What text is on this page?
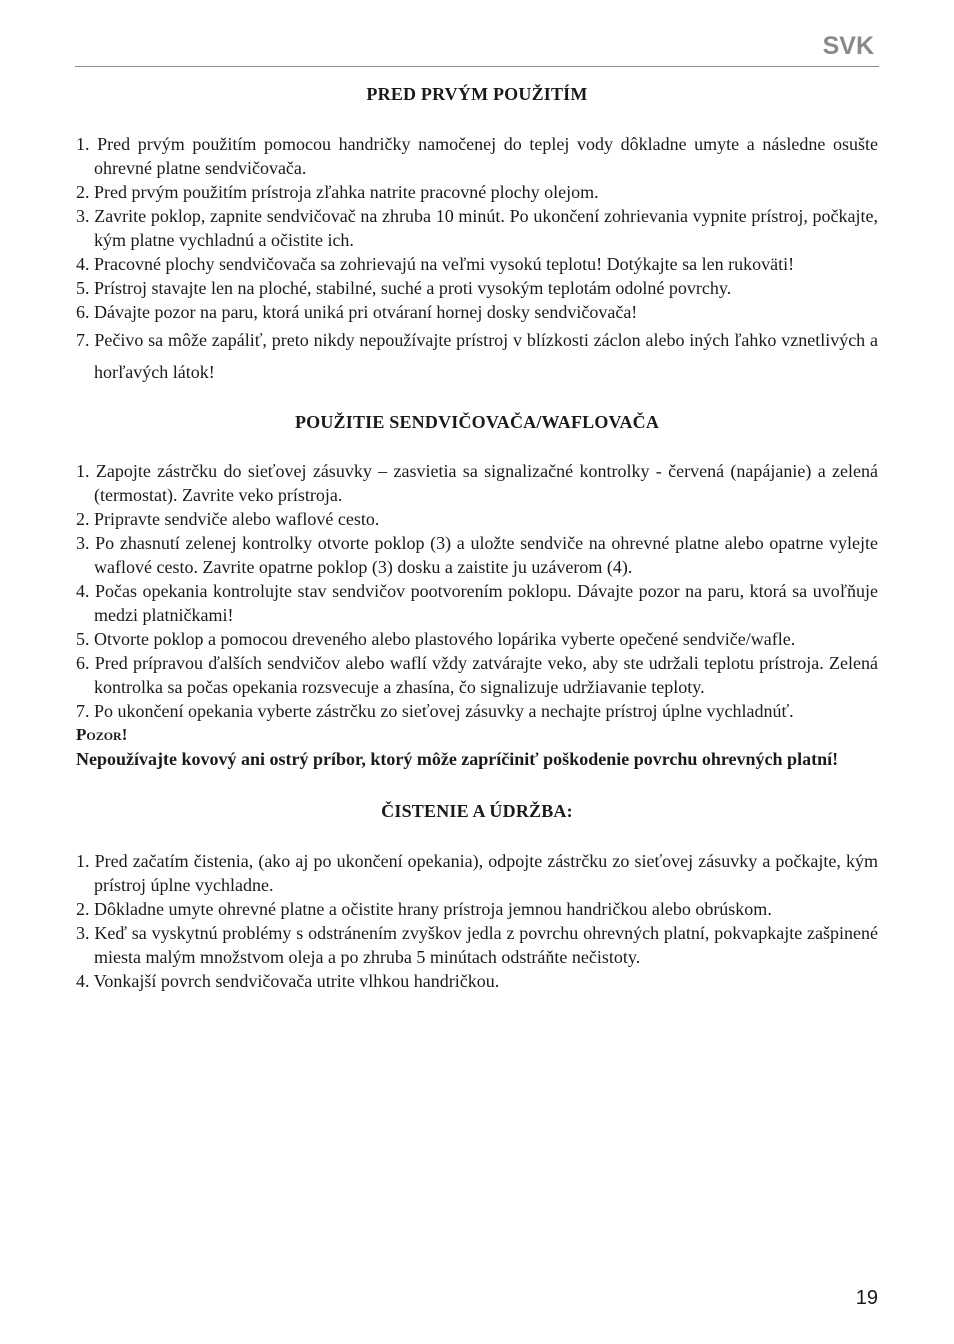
SVK
PRED PRVÝM POUŽITÍM
1. Pred prvým použitím pomocou handričky namočenej do teplej vody dôkladne umyte a následne osušte ohrevné platne sendvičovača.
2. Pred prvým použitím prístroja zľahka natrite pracovné plochy olejom.
3. Zavrite poklop, zapnite sendvičovač na zhruba 10 minút. Po ukončení zohrievania vypnite prístroj, počkajte, kým platne vychladnú a očistite ich.
4. Pracovné plochy sendvičovača sa zohrievajú na veľmi vysokú teplotu! Dotýkajte sa len rukoväti!
5. Prístroj stavajte len na ploché, stabilné, suché a proti vysokým teplotám odolné povrchy.
6. Dávajte pozor na paru, ktorá uniká pri otváraní hornej dosky sendvičovača!
7. Pečivo sa môže zapáliť, preto nikdy nepoužívajte prístroj v blízkosti záclon alebo iných ľahko vznetlivých a horľavých látok!
POUŽITIE SENDVIČOVAČA/WAFLOVAČA
1. Zapojte zástrčku do sieťovej zásuvky – zasvietia sa signalizačné kontrolky - červená (napájanie) a zelená (termostat). Zavrite veko prístroja.
2. Pripravte sendviče alebo waflové cesto.
3. Po zhasnutí zelenej kontrolky otvorte poklop (3) a uložte sendviče na ohrevné platne alebo opatrne vylejte waflové cesto. Zavrite opatrne poklop (3) dosku a zaistite ju uzáverom (4).
4. Počas opekania kontrolujte stav sendvičov pootvorením poklopu. Dávajte pozor na paru, ktorá sa uvoľňuje medzi platničkami!
5. Otvorte poklop a pomocou dreveného alebo plastového lopárika vyberte opečené sendviče/wafle.
6. Pred prípravou ďalších sendvičov alebo waflí vždy zatvárajte veko, aby ste udržali teplotu prístroja. Zelená kontrolka sa počas opekania rozsvecuje a zhasína, čo signalizuje udržiavanie teploty.
7. Po ukončení opekania vyberte zástrčku zo sieťovej zásuvky a nechajte prístroj úplne vychladnúť.
Pozor!
Nepoužívajte kovový ani ostrý príbor, ktorý môže zapríčiniť poškodenie povrchu ohrevných platní!
ČISTENIE A ÚDRŽBA:
1. Pred začatím čistenia, (ako aj po ukončení opekania), odpojte zástrčku zo sieťovej zásuvky a počkajte, kým prístroj úplne vychladne.
2. Dôkladne umyte ohrevné platne a očistite hrany prístroja jemnou handričkou alebo obrúskom.
3. Keď sa vyskytnú problémy s odstránením zvyškov jedla z povrchu ohrevných platní, pokvapkajte zašpinené miesta malým množstvom oleja a po zhruba 5 minútach odstráňte nečistoty.
4. Vonkajší povrch sendvičovača utrite vlhkou handričkou.
19
